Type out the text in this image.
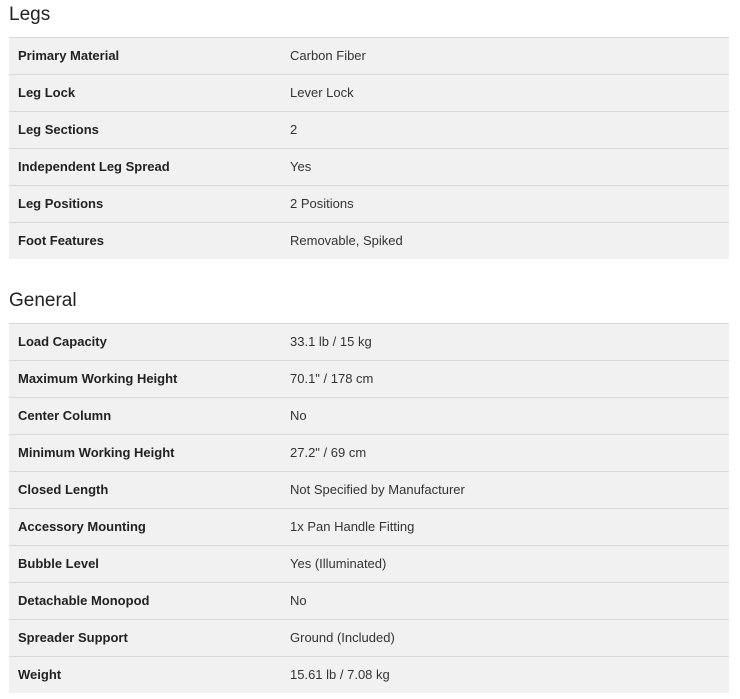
Legs
Primary Material	Carbon Fiber
Leg Lock	Lever Lock
Leg Sections	2
Independent Leg Spread	Yes
Leg Positions	2 Positions
Foot Features	Removable, Spiked
General
Load Capacity	33.1 lb / 15 kg
Maximum Working Height	70.1" / 178 cm
Center Column	No
Minimum Working Height	27.2" / 69 cm
Closed Length	Not Specified by Manufacturer
Accessory Mounting	1x Pan Handle Fitting
Bubble Level	Yes (Illuminated)
Detachable Monopod	No
Spreader Support	Ground (Included)
Weight	15.61 lb / 7.08 kg
